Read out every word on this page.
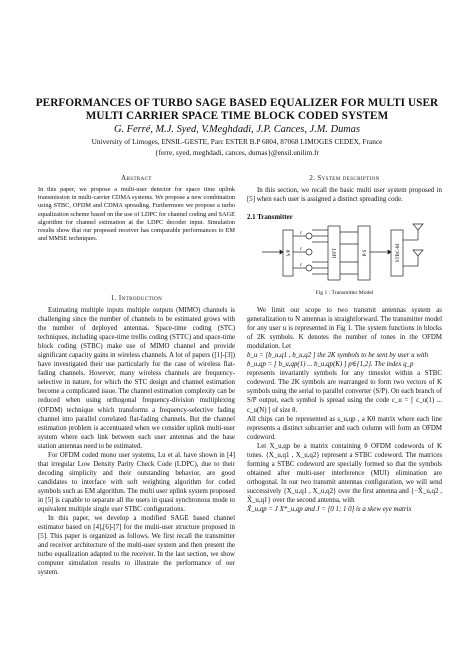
PERFORMANCES OF TURBO SAGE BASED EQUALIZER FOR MULTI USER
MULTI CARRIER SPACE TIME BLOCK CODED SYSTEM
G. Ferré, M.J. Syed, V.Meghdadi, J.P. Cances, J.M. Dumas
University of Limoges, ENSIL-GESTE, Parc ESTER B.P 6804, 87068 LIMOGES CEDEX, France
{ferre, syed, meghdadi, cances, dumas}@ensil.unilim.fr
Abstract
In this paper, we propose a multi-user detector for space time uplink transmission in multi-carrier CDMA systems. We propose a new combination using STBC, OFDM and CDMA spreading. Furthermore we propose a turbo equalization scheme based on the use of LDPC for channel coding and SAGE algorithm for channel estimation at the LDPC decoder input. Simulation results show that our proposed receiver has comparable performances to EM and MMSE techniques.
1. Introduction

Estimating multiple inputs multiple outputs (MIMO) channels is challenging since the number of channels to be estimated grows with the number of deployed antennas. Space-time coding (STC) techniques, including space-time trellis coding (STTC) and space-time block coding (STBC) make use of MIMO channel and provide significant capacity gains in wireless channels. A lot of papers ([1]-[3]) have investigated their use particularly for the case of wireless flat-fading channels. However, many wireless channels are frequency-selective in nature, for which the STC design and channel estimation become a complicated issue. The channel estimation complexity can be reduced when using orthogonal frequency-division multiplexing (OFDM) technique which transforms a frequency-selective fading channel into parallel correlated flat-fading channels. But the channel estimation problem is accentuated when we consider uplink multi-user system where each link between each user antennas and the base station antennas need to be estimated.

For OFDM coded mono user systems, Lu et al. have shown in [4] that irregular Low Density Parity Check Code (LDPC), due to their decoding simplicity and their outstanding behavior, are good candidates to interface with soft weighting algorithm for coded symbols such as EM algorithm. The multi user uplink system proposed in [5] is capable to separate all the users in quasi synchronous mode to equivalent multiple single user STBC configurations.

In this paper, we develop a modified SAGE based channel estimator based on [4],[6]-[7] for the multi-user structure proposed in [5]. This paper is organized as follows. We first recall the transmitter and receiver architecture of the multi-user system and then present the turbo equalization adapted to the receiver. In the last section, we show computer simulation results to illustrate the performance of our system.

2. System description

In this section, we recall the basic multi user system proposed in [5] when each user is assigned a distinct spreading code.

2.1 Transmitter
S/P	IFFT	P/S	STBC-M
c
c
c
Fig 1 : Transmitter Model

We limit our scope to two transmit antennas system as generalization to N antennas is straightforward. The transmitter model for any user u is represented in Fig 1. The system functions in blocks of 2K symbols. K denotes the number of tones in the OFDM modulation. Let

b_u = [b_u,q1 , b_u,q2 ] the 2K symbols to be sent by user u with
b_u,qp = [ b_u,qp(1) ... b_u,qp(K) ] p∈{1,2}. The index q_p

represents invariantly symbols for any timeslot within a STBC codeword. The 2K symbols are rearranged to form two vectors of K symbols using the serial to parallel converter (S/P). On each branch of S/P output, each symbol is spread using the code c_u = [ c_u(1) ... c_u(N) ] of size θ.

All chips can be represented as s_u,qp , a Kθ matrix where each line represents a distinct subcarrier and each column will form an OFDM codeword.

Let X_u,qp be a matrix containing θ OFDM codewords of K tones. {X_u,q1 , X_u,q2} represent a STBC codeword. The matrices forming a STBC codeword are specially formed so that the symbols obtained after multi-user interference (MUI) elimination are orthogonal. In our two transmit antennas configuration, we will send successively {X_u,q1 , X_u,q2} over the first antenna and {−X̃_u,q2 , X̃_u,q1} over the second antenna, with

X̃_u,qp = J X*_u,qp and J = [0 1; 1 0] is a skew eye matrix
